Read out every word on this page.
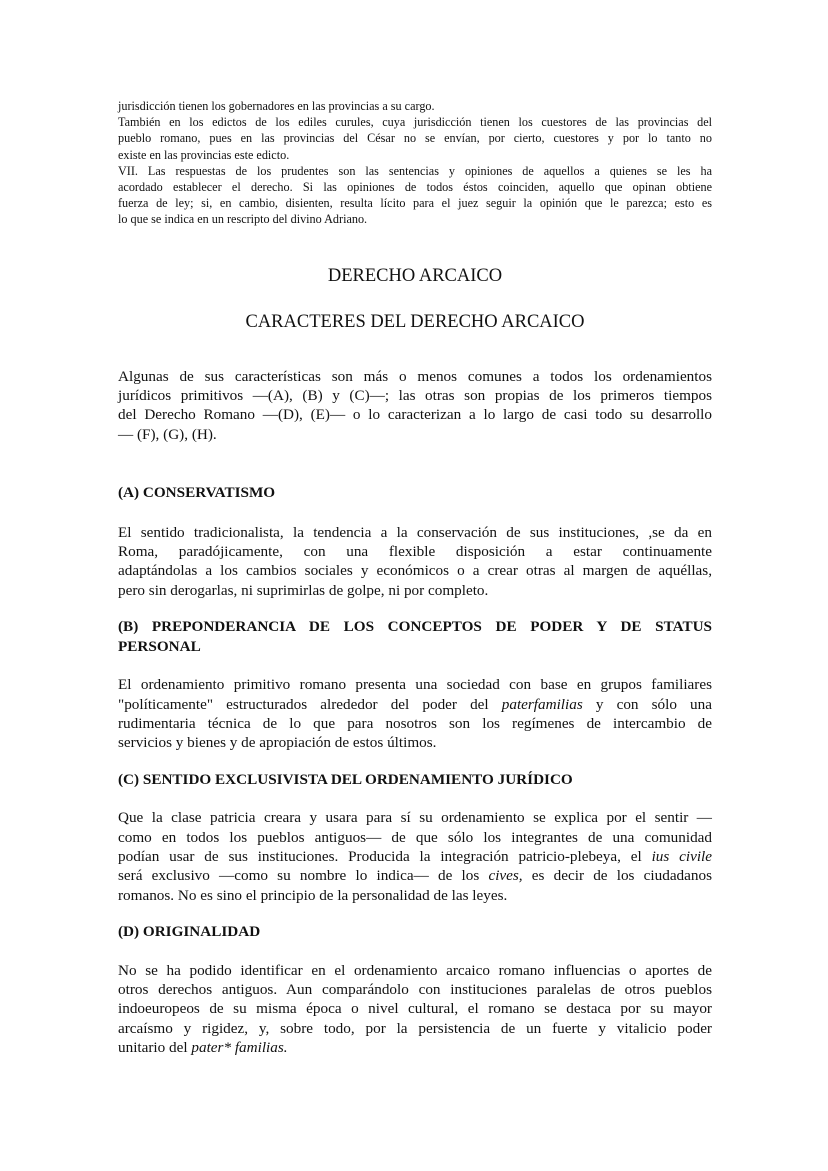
jurisdicción tienen los gobernadores en las provincias a su cargo.
También en los edictos de los ediles curules, cuya jurisdicción tienen los cuestores de las provincias del
pueblo romano, pues en las provincias del César no se envían, por cierto, cuestores y por lo tanto no
existe en las provincias este edicto.
VII. Las respuestas de los prudentes son las sentencias y opiniones de aquellos a quienes se les ha
acordado establecer el derecho. Si las opiniones de todos éstos coinciden, aquello que opinan obtiene
fuerza de ley; si, en cambio, disienten, resulta lícito para el juez seguir la opinión que le parezca; esto es
lo que se indica en un rescripto del divino Adriano.

DERECHO ARCAICO
CARACTERES DEL DERECHO ARCAICO

Algunas de sus características son más o menos comunes a todos los ordenamientos
jurídicos primitivos —(A), (B) y (C)—; las otras son propias de los primeros tiempos
del Derecho Romano —(D), (E)— o lo caracterizan a lo largo de casi todo su desarrollo
— (F), (G), (H).

(A) CONSERVATISMO

El sentido tradicionalista, la tendencia a la conservación de sus instituciones, ,se da en
Roma, paradójicamente, con una flexible disposición a estar continuamente
adaptándolas a los cambios sociales y económicos o a crear otras al margen de aquéllas,
pero sin derogarlas, ni suprimirlas de golpe, ni por completo.

(B) PREPONDERANCIA DE LOS CONCEPTOS DE PODER Y DE STATUS
PERSONAL

El ordenamiento primitivo romano presenta una sociedad con base en grupos familiares
"políticamente" estructurados alrededor del poder del paterfamilias y con sólo una
rudimentaria técnica de lo que para nosotros son los regímenes de intercambio de
servicios y bienes y de apropiación de estos últimos.

(C) SENTIDO EXCLUSIVISTA DEL ORDENAMIENTO JURÍDICO

Que la clase patricia creara y usara para sí su ordenamiento se explica por el sentir —
como en todos los pueblos antiguos— de que sólo los integrantes de una comunidad
podían usar de sus instituciones. Producida la integración patricio-plebeya, el ius civile
será exclusivo —como su nombre lo indica— de los cives, es decir de los ciudadanos
romanos. No es sino el principio de la personalidad de las leyes.

(D) ORIGINALIDAD

No se ha podido identificar en el ordenamiento arcaico romano influencias o aportes de
otros derechos antiguos. Aun comparándolo con instituciones paralelas de otros pueblos
indoeuropeos de su misma época o nivel cultural, el romano se destaca por su mayor
arcaísmo y rigidez, y, sobre todo, por la persistencia de un fuerte y vitalicio poder
unitario del pater* familias.
